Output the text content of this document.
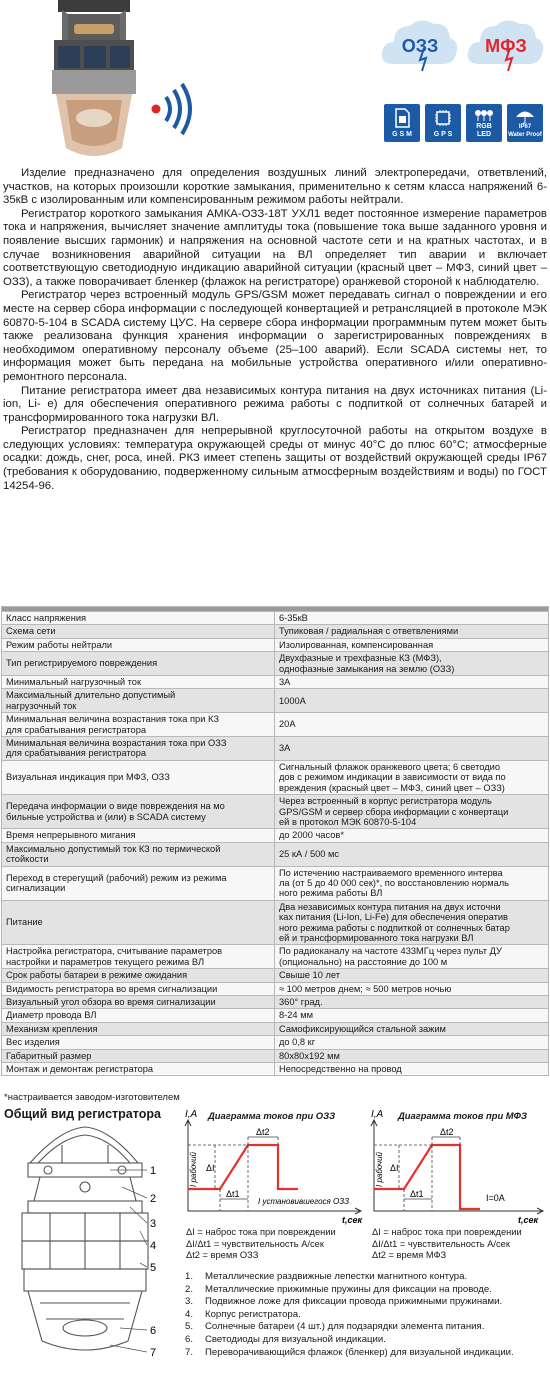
ОЗЗ	МФЗ
G S M	G P S
RGB
LED
IP67
Water Proof

Изделие предназначено для определения воздушных линий электропередачи, ответвлений, участков, на которых произошли короткие замыкания, применительно к сетям класса напряжений 6-35кВ с изолированным или компенсированным режимом работы нейтрали.

Регистратор короткого замыкания АМКА-ОЗЗ-18Т УХЛ1 ведет постоянное измерение параметров тока и напряжения, вычисляет значение амплитуды тока (повышение тока выше заданного уровня и появление высших гармоник) и напряжения на основной частоте сети и на кратных частотах, и в случае возникновения аварийной ситуации на ВЛ определяет тип аварии и включает соответствующую светодиодную индикацию аварийной ситуации (красный цвет – МФЗ, синий цвет – ОЗЗ), а также поворачивает бленкер (флажок на регистраторе) оранжевой стороной к наблюдателю.

Регистратор через встроенный модуль GPS/GSM может передавать сигнал о повреждении и его месте на сервер сбора информации с последующей конвертацией и ретрансляцией в протоколе МЭК 60870-5-104 в SCADA систему ЦУС. На сервере сбора информации программным путем может быть также реализована функция хранения информации о зарегистрированных повреждениях в необходимом оперативному персоналу объеме (25–100 аварий). Если SCADA системы нет, то информация может быть передана на мобильные устройства оперативного и/или оперативно-ремонтного персонала.

Питание регистратора имеет два независимых контура питания на двух источниках питания (Li-ion, Li- e) для обеспечения оперативного режима работы с подпиткой от солнечных батарей и трансформированного тока нагрузки ВЛ.

Регистратор предназначен для непрерывной круглосуточной работы на открытом воздухе в следующих условиях: температура окружающей среды от минус 40°С до плюс 60°С; атмосферные осадки: дождь, снег, роса, иней. РКЗ имеет степень защиты от воздействий окружающей среды IP67 (требования к оборудованию, подверженному сильным атмосферным воздействиям и воды) по ГОСТ 14254-96.

Класс напряжения	6-35кВ
Схема сети	Тупиковая / радиальная с ответвлениями
Режим работы нейтрали	Изолированная, компенсированная
Тип регистрируемого повреждения	Двухфазные и трехфазные КЗ (МФЗ),
однофазные замыкания на землю (ОЗЗ)
Минимальный нагрузочный ток	3А
Максимальный длительно допустимый
нагрузочный ток	1000А
Минимальная величина возрастания тока при КЗ
для срабатывания регистратора	20А
Минимальная величина возрастания тока при ОЗЗ
для срабатывания регистратора	3А
Визуальная индикация при МФЗ, ОЗЗ	Сигнальный флажок оранжевого цвета; 6 светодио
дов с режимом индикации в зависимости от вида по
вреждения (красный цвет – МФЗ, синий цвет – ОЗЗ)
Передача информации о виде повреждения на мо
бильные устройства и (или) в SCADA систему	Через встроенный в корпус регистратора модуль
GPS/GSM и сервер сбора информации с конвертаци
ей в протокол МЭК 60870-5-104
Время непрерывного мигания	до 2000 часов*
Максимально допустимый ток КЗ по термической
стойкости	25 кА / 500 мс
Переход в стерегущий (рабочий) режим из режима
сигнализации	По истечению настраиваемого временного интерва
ла (от 5 до 40 000 сек)*, по восстановлению нормаль
ного режима работы ВЛ
Питание	Два независимых контура питания на двух источни
ках питания (Li-Ion, Li-Fe) для обеспечения оператив
ного режима работы с подпиткой от солнечных батар
ей и трансформированного тока нагрузки ВЛ
Настройка регистратора, считывание параметров
настройки и параметров текущего режима ВЛ	По радиоканалу на частоте 433МГц через пульт ДУ
(опционально) на расстояние до 100 м
Срок работы батареи в режиме ожидания	Свыше 10 лет
Видимость регистратора во время сигнализации	≈ 100 метров днем; ≈ 500 метров ночью
Визуальный угол обзора во время сигнализации	360° град.
Диаметр провода ВЛ	8-24 мм
Механизм крепления	Самофиксирующийся стальной зажим
Вес изделия	до 0,8 кг
Габаритный размер	80х80х192 мм
Монтаж и демонтаж регистратора	Непосредственно на провод
*настраивается заводом-изготовителем
Общий вид регистратора
1
2
3
4
5
6
7
Диаграмма токов при ОЗЗ
I,А
I рабочий ΔI
Δt1
Δt2
I установившегося ОЗЗ
t,сек
ΔI = наброс тока при повреждении
ΔI/Δt1 = чувствительность А/сек
Δt2 = время ОЗЗ
Диаграмма токов при МФЗ
I,А
I рабочий ΔI
Δt1
Δt2
I=0А
t,сек
ΔI = наброс тока при повреждении
ΔI/Δt1 = чувствительность А/сек
Δt2 = время МФЗ
1.	Металлические раздвижные лепестки магнитного контура.
2.	Металлические прижимные пружины для фиксации на проводе.
3.	Подвижное ложе для фиксации провода прижимными пружинами.
4.	Корпус регистратора.
5.	Солнечные батареи (4 шт.) для подзарядки элемента питания.
6.	Светодиоды для визуальной индикации.
7.	Переворачивающийся флажок (бленкер) для визуальной индикации.
